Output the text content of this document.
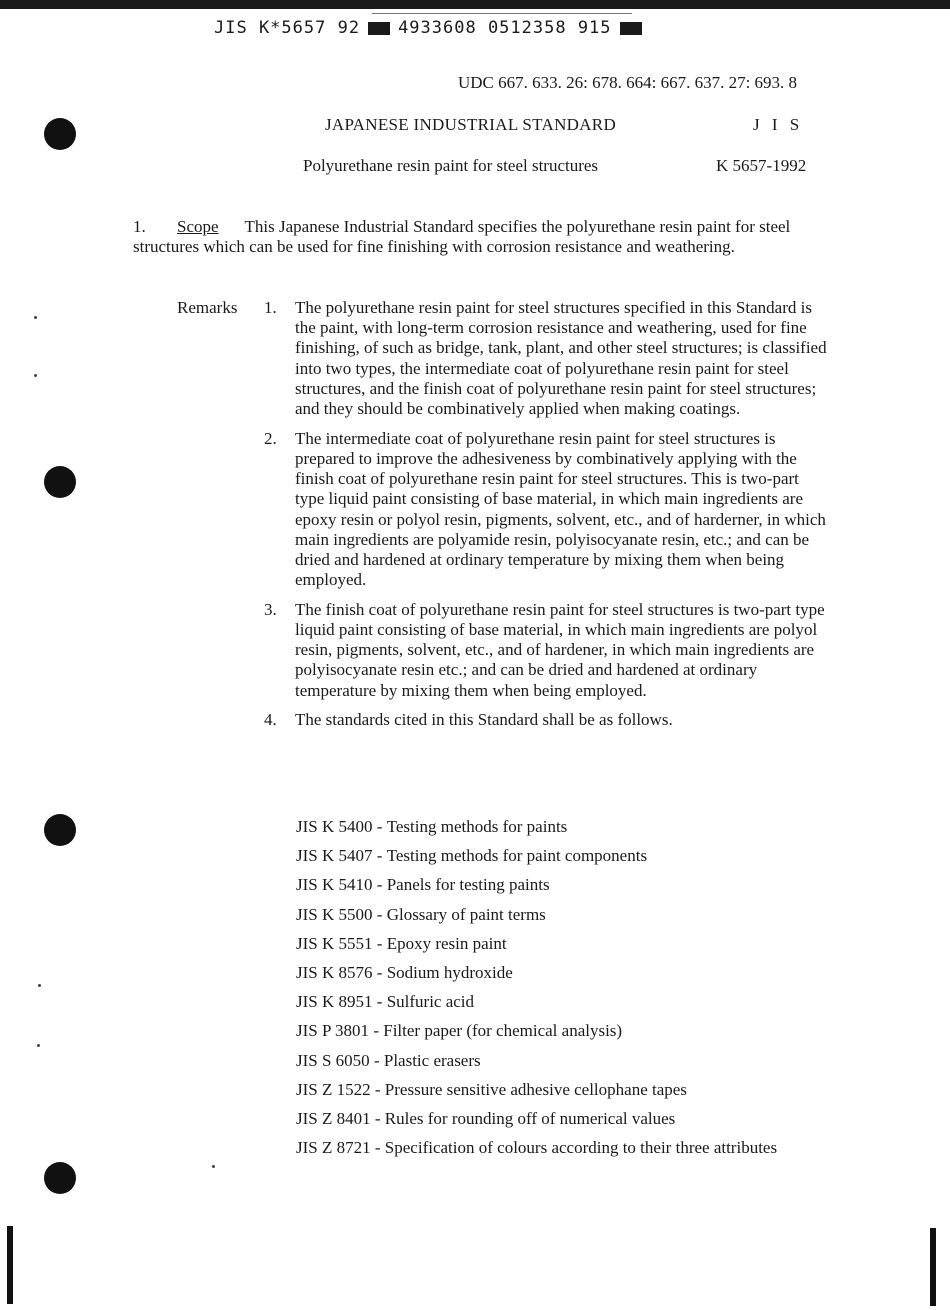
JIS K*5657 92 4933608 0512358 915
UDC 667. 633. 26: 678. 664: 667. 637. 27: 693. 8
JAPANESE INDUSTRIAL STANDARD	J I S
Polyurethane resin paint for steel structures	K 5657-1992
1. Scope This Japanese Industrial Standard specifies the polyurethane resin paint for steel structures which can be used for fine finishing with corrosion resistance and weathering.
Remarks 1.	The polyurethane resin paint for steel structures specified in this Standard is the paint, with long-term corrosion resistance and weathering, used for fine finishing, of such as bridge, tank, plant, and other steel structures; is classified into two types, the intermediate coat of polyurethane resin paint for steel structures, and the finish coat of polyurethane resin paint for steel structures; and they should be combinatively applied when making coatings.
2.	The intermediate coat of polyurethane resin paint for steel structures is prepared to improve the adhesiveness by combinatively applying with the finish coat of polyurethane resin paint for steel structures. This is two-part type liquid paint consisting of base material, in which main ingredients are epoxy resin or polyol resin, pigments, solvent, etc., and of harderner, in which main ingredients are polyamide resin, polyisocyanate resin, etc.; and can be dried and hardened at ordinary temperature by mixing them when being employed.
3.	The finish coat of polyurethane resin paint for steel structures is two-part type liquid paint consisting of base material, in which main ingredients are polyol resin, pigments, solvent, etc., and of hardener, in which main ingredients are polyisocyanate resin etc.; and can be dried and hardened at ordinary temperature by mixing them when being employed.
4.	The standards cited in this Standard shall be as follows.
JIS K 5400 - Testing methods for paints
JIS K 5407 - Testing methods for paint components
JIS K 5410 - Panels for testing paints
JIS K 5500 - Glossary of paint terms
JIS K 5551 - Epoxy resin paint
JIS K 8576 - Sodium hydroxide
JIS K 8951 - Sulfuric acid
JIS P 3801 - Filter paper (for chemical analysis)
JIS S 6050 - Plastic erasers
JIS Z 1522 - Pressure sensitive adhesive cellophane tapes
JIS Z 8401 - Rules for rounding off of numerical values
JIS Z 8721 - Specification of colours according to their three attributes
